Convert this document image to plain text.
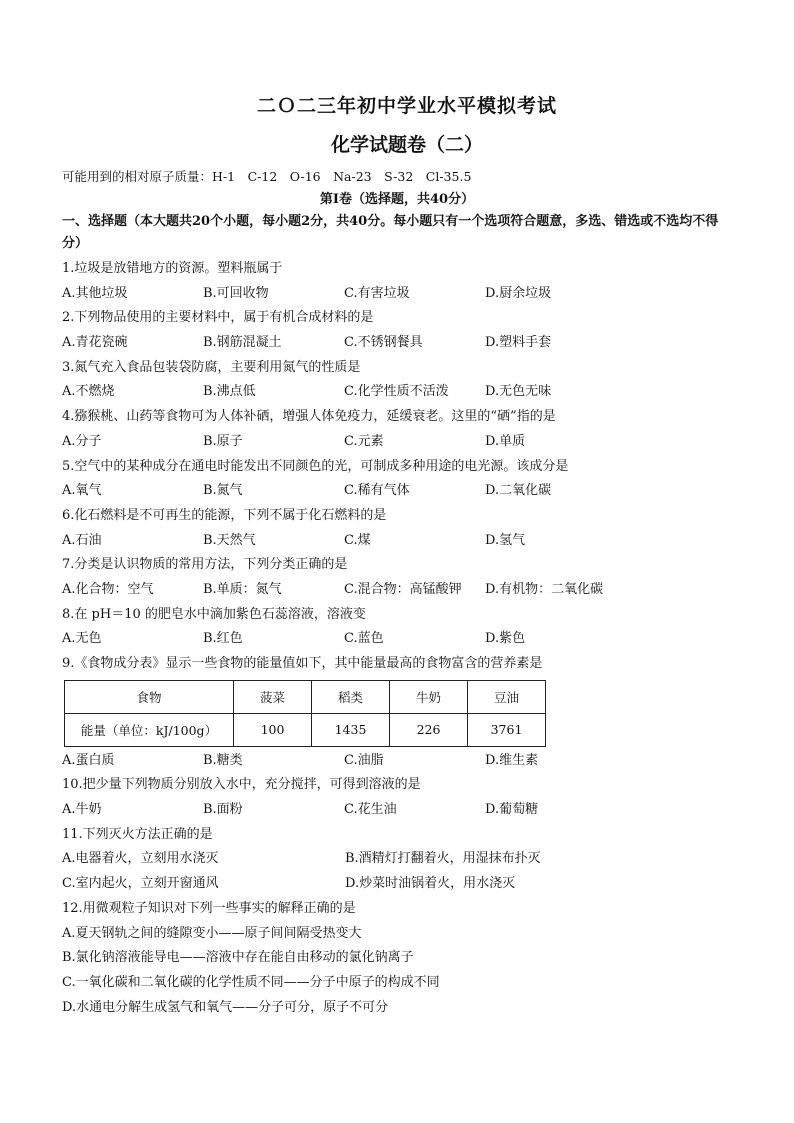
二Ｏ二三年初中学业水平模拟考试
化学试题卷（二）
可能用到的相对原子质量：H-1　C-12　O-16　Na-23　S-32　Cl-35.5
第Ⅰ卷（选择题，共40分）
一、选择题（本大题共20个小题，每小题2分，共40分。每小题只有一个选项符合题意，多选、错选或不选均不得分）
1.垃圾是放错地方的资源。塑料瓶属于
A.其他垃圾	B.可回收物	C.有害垃圾	D.厨余垃圾
2.下列物品使用的主要材料中，属于有机合成材料的是
A.青花瓷碗	B.钢筋混凝土	C.不锈钢餐具	D.塑料手套
3.氮气充入食品包装袋防腐，主要利用氮气的性质是
A.不燃烧	B.沸点低	C.化学性质不活泼	D.无色无味
4.猕猴桃、山药等食物可为人体补硒，增强人体免疫力，延缓衰老。这里的“硒”指的是
A.分子	B.原子	C.元素	D.单质
5.空气中的某种成分在通电时能发出不同颜色的光，可制成多种用途的电光源。该成分是
A.氧气	B.氮气	C.稀有气体	D.二氧化碳
6.化石燃料是不可再生的能源，下列不属于化石燃料的是
A.石油	B.天然气	C.煤	D.氢气
7.分类是认识物质的常用方法，下列分类正确的是
A.化合物：空气	B.单质：氮气	C.混合物：高锰酸钾	D.有机物：二氧化碳
8.在 pH＝10 的肥皂水中滴加紫色石蕊溶液，溶液变
A.无色	B.红色	C.蓝色	D.紫色
9.《食物成分表》显示一些食物的能量值如下，其中能量最高的食物富含的营养素是
食物	菠菜	稻类	牛奶	豆油
能量（单位：kJ/100g）	100	1435	226	3761
A.蛋白质	B.糖类	C.油脂	D.维生素
10.把少量下列物质分别放入水中，充分搅拌，可得到溶液的是
A.牛奶	B.面粉	C.花生油	D.葡萄糖
11.下列灭火方法正确的是
A.电器着火，立刻用水浇灭	B.酒精灯打翻着火，用湿抹布扑灭
C.室内起火，立刻开窗通风	D.炒菜时油锅着火，用水浇灭
12.用微观粒子知识对下列一些事实的解释正确的是
A.夏天钢轨之间的缝隙变小——原子间间隔受热变大
B.氯化钠溶液能导电——溶液中存在能自由移动的氯化钠离子
C.一氧化碳和二氧化碳的化学性质不同——分子中原子的构成不同
D.水通电分解生成氢气和氧气——分子可分，原子不可分
